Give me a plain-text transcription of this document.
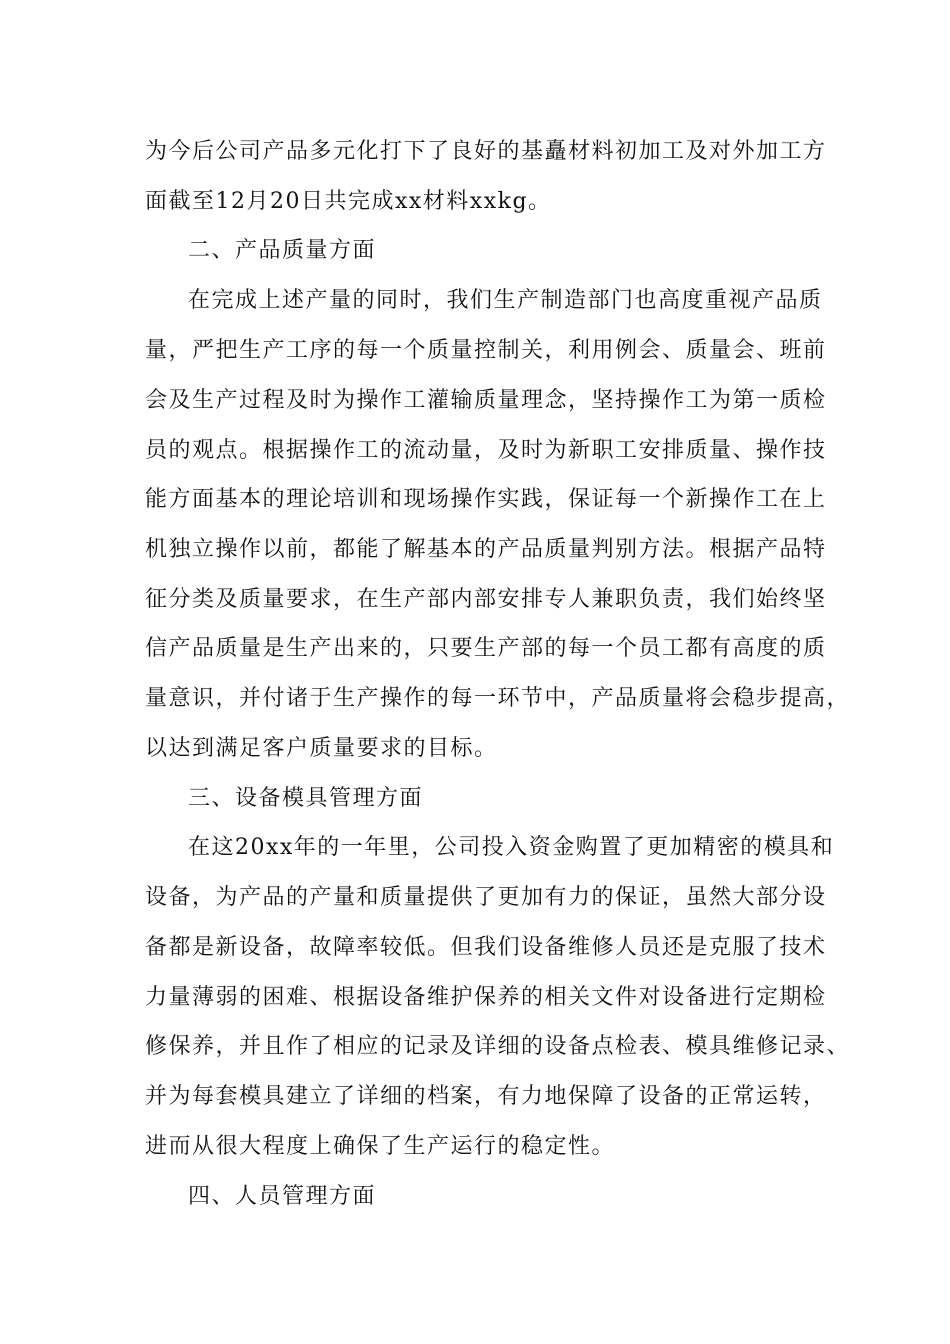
为今后公司产品多元化打下了良好的基矗材料初加工及对外加工方
面截至12月20日共完成xx材料xxkg。
二、产品质量方面
在完成上述产量的同时，我们生产制造部门也高度重视产品质
量，严把生产工序的每一个质量控制关，利用例会、质量会、班前
会及生产过程及时为操作工灌输质量理念，坚持操作工为第一质检
员的观点。根据操作工的流动量，及时为新职工安排质量、操作技
能方面基本的理论培训和现场操作实践，保证每一个新操作工在上
机独立操作以前，都能了解基本的产品质量判别方法。根据产品特
征分类及质量要求，在生产部内部安排专人兼职负责，我们始终坚
信产品质量是生产出来的，只要生产部的每一个员工都有高度的质
量意识，并付诸于生产操作的每一环节中，产品质量将会稳步提高，
以达到满足客户质量要求的目标。
三、设备模具管理方面
在这20xx年的一年里，公司投入资金购置了更加精密的模具和
设备，为产品的产量和质量提供了更加有力的保证，虽然大部分设
备都是新设备，故障率较低。但我们设备维修人员还是克服了技术
力量薄弱的困难、根据设备维护保养的相关文件对设备进行定期检
修保养，并且作了相应的记录及详细的设备点检表、模具维修记录、
并为每套模具建立了详细的档案，有力地保障了设备的正常运转，
进而从很大程度上确保了生产运行的稳定性。
四、人员管理方面
